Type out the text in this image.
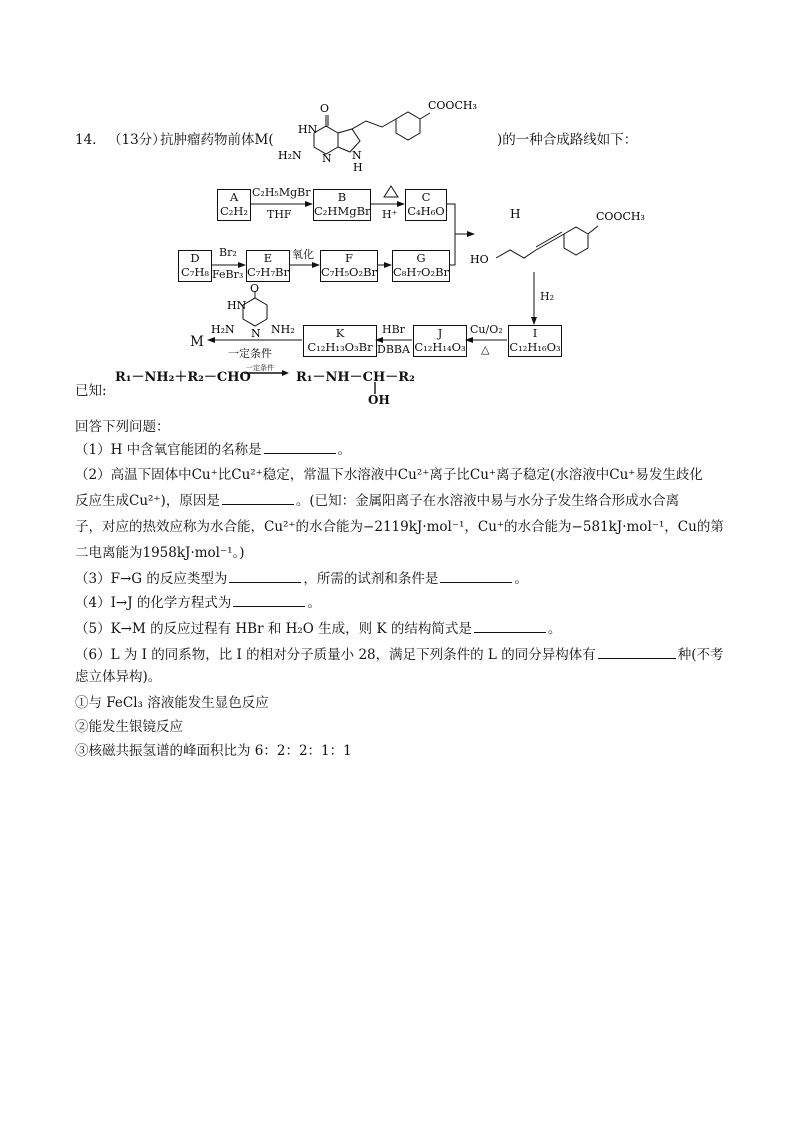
14． （13分）
抗肿瘤药物前体M(	)的一种合成路线如下：
O
HN
H₂N N N
H
COOCH₃
A
C₂H₂
B
C₂HMgBr
C
C₄H₆O
D
C₇H₈
E
C₇H₇Br
F
C₇H₅O₂Br
G
C₈H₇O₂Br
K
C₁₂H₁₃O₃Br
J
C₁₂H₁₄O₃
I
C₁₂H₁₆O₃
C₂H₅MgBr
THF	H⁺
Br₂
FeBr₃
氧化
H₂
Cu/O₂
△
HBr
DBBA
一定条件
M
H
HO
COOCH₃
O
HN
H₂N N NH₂
已知:
R₁－NH₂＋R₂－CHO
一定条件
R₁－NH－CH－R₂
OH
回答下列问题：
（1）H 中含氧官能团的名称是	。
（2）高温下固体中Cu⁺比Cu²⁺稳定，常温下水溶液中Cu²⁺离子比Cu⁺离子稳定(水溶液中Cu⁺易发生歧化
反应生成Cu²⁺)，原因是	。(已知：金属阳离子在水溶液中易与水分子发生络合形成水合离
子，对应的热效应称为水合能，Cu²⁺的水合能为−2119kJ·mol⁻¹，Cu⁺的水合能为−581kJ·mol⁻¹，Cu的第
二电离能为1958kJ·mol⁻¹。)
（3）F→G 的反应类型为	，所需的试剂和条件是	。
（4）I→J 的化学方程式为	。
（5）K→M 的反应过程有 HBr 和 H₂O 生成，则 K 的结构简式是	。
（6）L 为 I 的同系物，比 I 的相对分子质量小 28，满足下列条件的 L 的同分异构体有	种(不考
虑立体异构)。
①与 FeCl₃ 溶液能发生显色反应
②能发生银镜反应
③核磁共振氢谱的峰面积比为 6：2：2：1：1
